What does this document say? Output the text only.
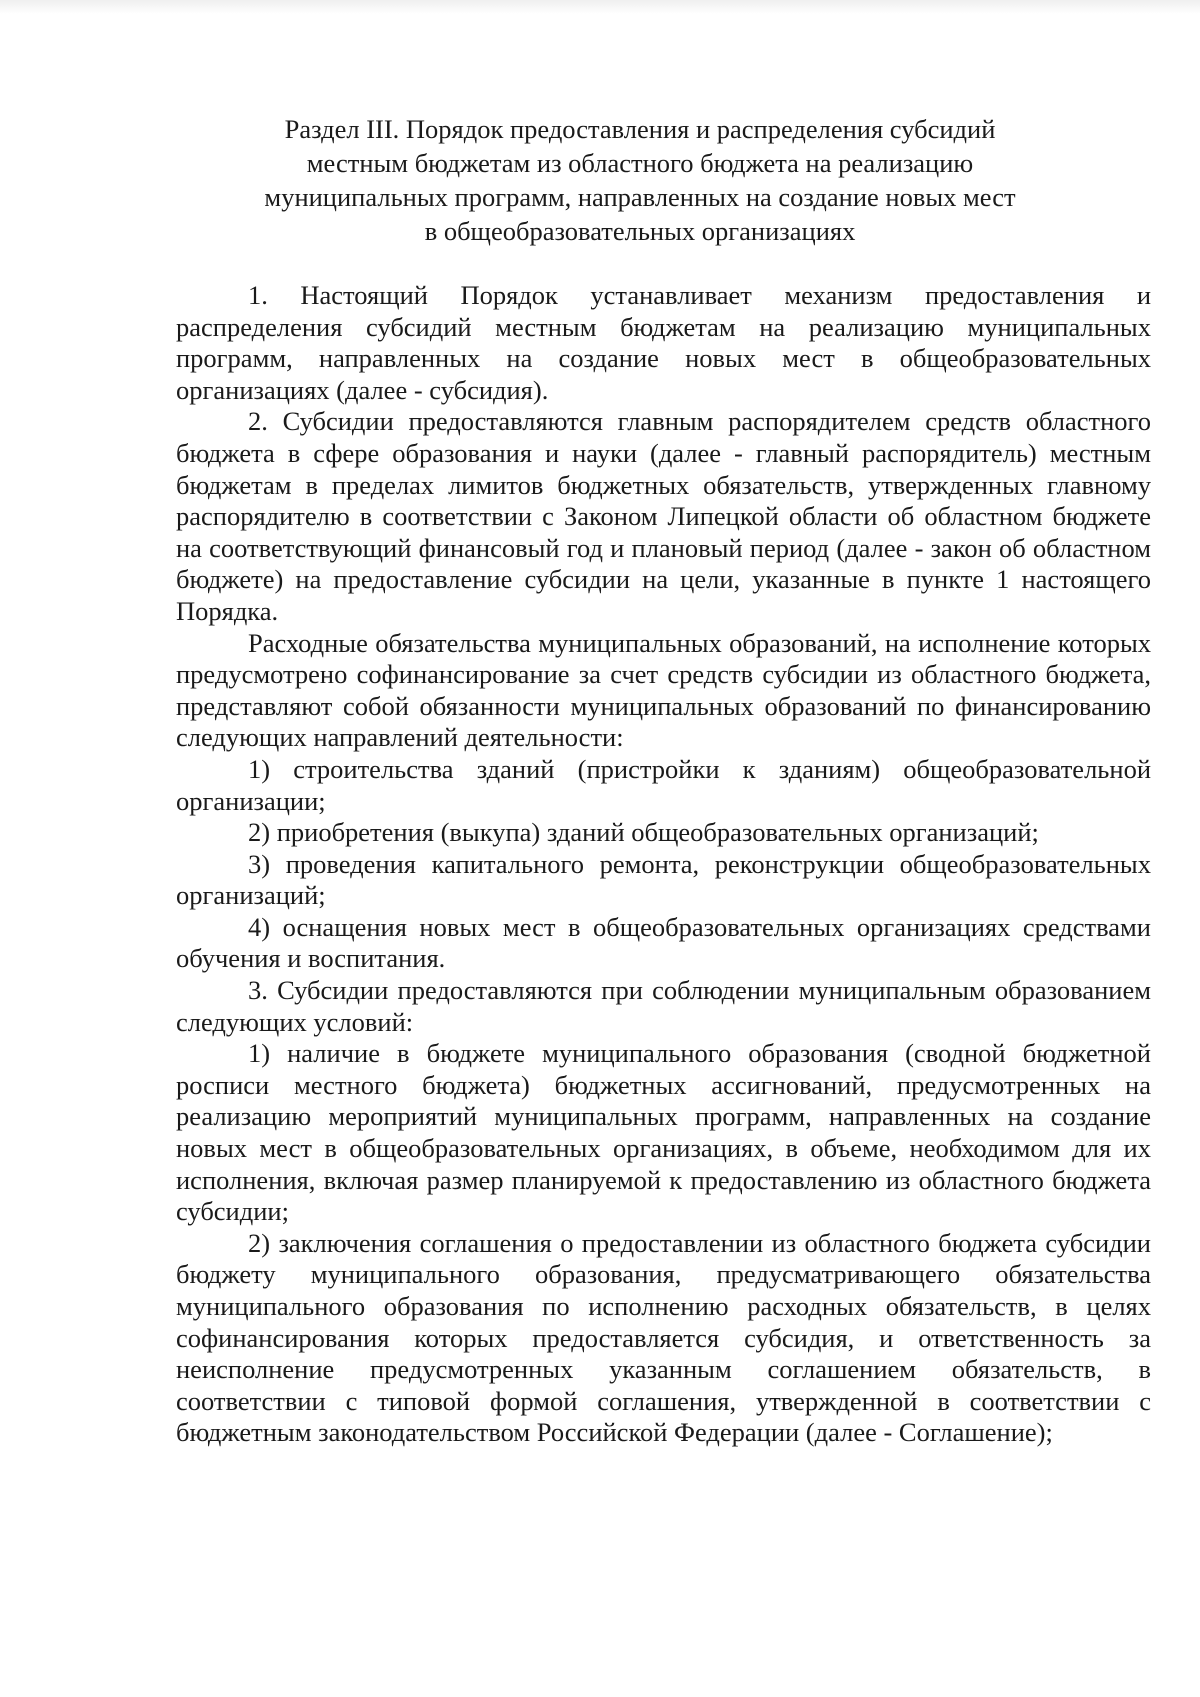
Раздел III. Порядок предоставления и распределения субсидий
местным бюджетам из областного бюджета на реализацию
муниципальных программ, направленных на создание новых мест
в общеобразовательных организациях

1. Настоящий Порядок устанавливает механизм предоставления и распределения субсидий местным бюджетам на реализацию муниципальных программ, направленных на создание новых мест в общеобразовательных организациях (далее - субсидия).

2. Субсидии предоставляются главным распорядителем средств областного бюджета в сфере образования и науки (далее - главный распорядитель) местным бюджетам в пределах лимитов бюджетных обязательств, утвержденных главному распорядителю в соответствии с Законом Липецкой области об областном бюджете на соответствующий финансовый год и плановый период (далее - закон об областном бюджете) на предоставление субсидии на цели, указанные в пункте 1 настоящего Порядка.

Расходные обязательства муниципальных образований, на исполнение которых предусмотрено софинансирование за счет средств субсидии из областного бюджета, представляют собой обязанности муниципальных образований по финансированию следующих направлений деятельности:

1) строительства зданий (пристройки к зданиям) общеобразовательной организации;

2) приобретения (выкупа) зданий общеобразовательных организаций;

3) проведения капитального ремонта, реконструкции общеобразовательных организаций;

4) оснащения новых мест в общеобразовательных организациях средствами обучения и воспитания.

3. Субсидии предоставляются при соблюдении муниципальным образованием следующих условий:

1) наличие в бюджете муниципального образования (сводной бюджетной росписи местного бюджета) бюджетных ассигнований, предусмотренных на реализацию мероприятий муниципальных программ, направленных на создание новых мест в общеобразовательных организациях, в объеме, необходимом для их исполнения, включая размер планируемой к предоставлению из областного бюджета субсидии;

2) заключения соглашения о предоставлении из областного бюджета субсидии бюджету муниципального образования, предусматривающего обязательства муниципального образования по исполнению расходных обязательств, в целях софинансирования которых предоставляется субсидия, и ответственность за неисполнение предусмотренных указанным соглашением обязательств, в соответствии с типовой формой соглашения, утвержденной в соответствии с бюджетным законодательством Российской Федерации (далее - Соглашение);
